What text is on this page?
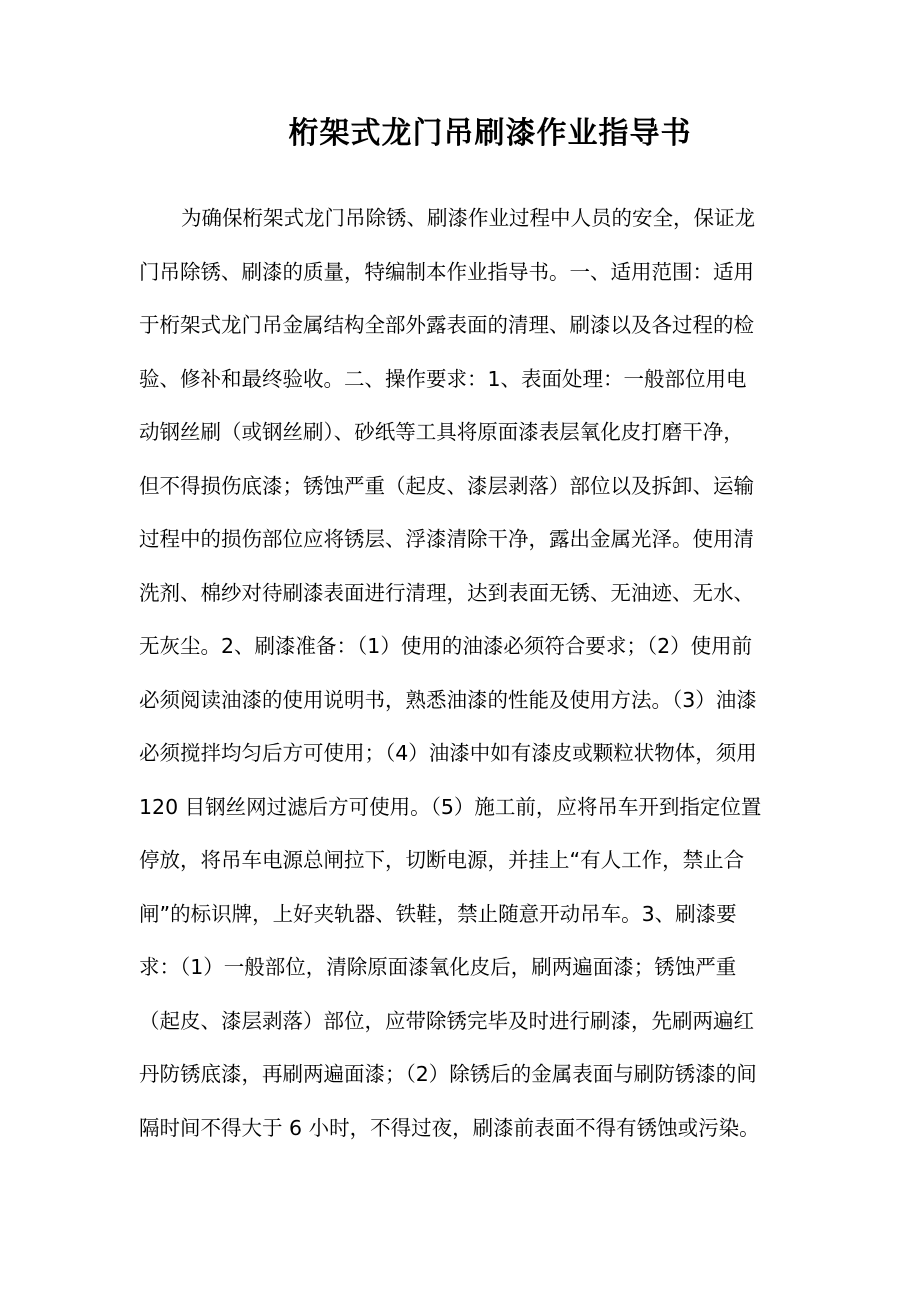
桁架式龙门吊刷漆作业指导书
为确保桁架式龙门吊除锈、刷漆作业过程中人员的安全，保证龙
门吊除锈、刷漆的质量，特编制本作业指导书。一、适用范围：适用
于桁架式龙门吊金属结构全部外露表面的清理、刷漆以及各过程的检
验、修补和最终验收。二、操作要求：1、表面处理：一般部位用电
动钢丝刷（或钢丝刷）、砂纸等工具将原面漆表层氧化皮打磨干净，
但不得损伤底漆；锈蚀严重（起皮、漆层剥落）部位以及拆卸、运输
过程中的损伤部位应将锈层、浮漆清除干净，露出金属光泽。使用清
洗剂、棉纱对待刷漆表面进行清理，达到表面无锈、无油迹、无水、
无灰尘。2、刷漆准备：（1）使用的油漆必须符合要求；（2）使用前
必须阅读油漆的使用说明书，熟悉油漆的性能及使用方法。（3）油漆
必须搅拌均匀后方可使用；（4）油漆中如有漆皮或颗粒状物体，须用
120 目钢丝网过滤后方可使用。（5）施工前，应将吊车开到指定位置
停放，将吊车电源总闸拉下，切断电源，并挂上“有人工作，禁止合
闸”的标识牌，上好夹轨器、铁鞋，禁止随意开动吊车。3、刷漆要
求：（1）一般部位，清除原面漆氧化皮后，刷两遍面漆；锈蚀严重
（起皮、漆层剥落）部位，应带除锈完毕及时进行刷漆，先刷两遍红
丹防锈底漆，再刷两遍面漆；（2）除锈后的金属表面与刷防锈漆的间
隔时间不得大于 6 小时，不得过夜，刷漆前表面不得有锈蚀或污染。
